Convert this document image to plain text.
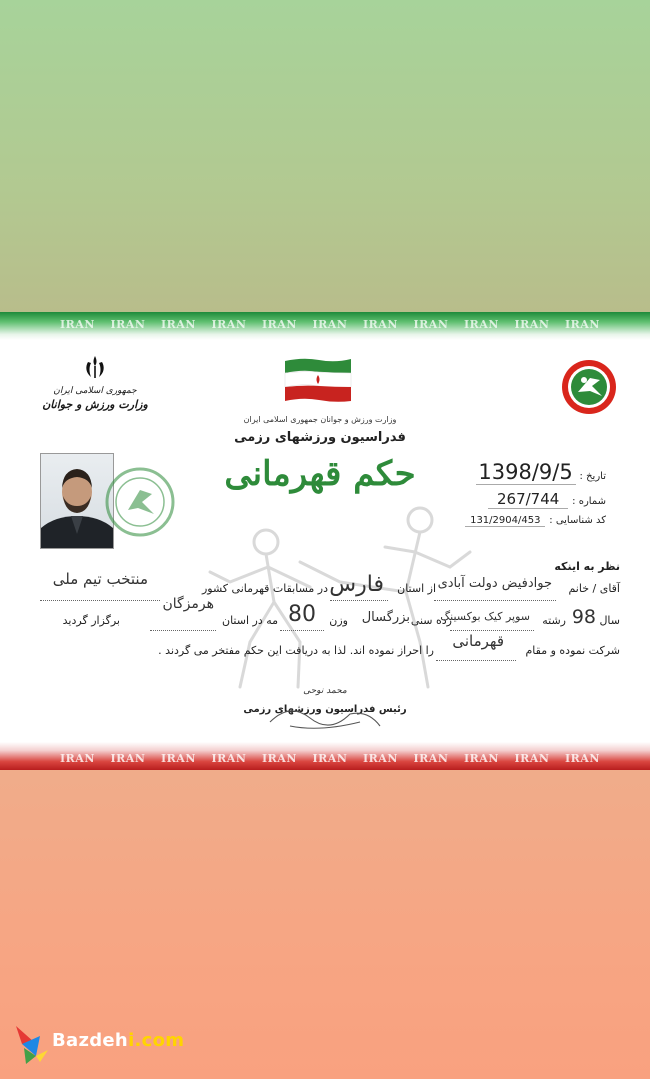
IRAN IRAN IRAN IRAN IRAN IRAN IRAN IRAN IRAN IRAN IRAN
جمهوری اسلامی ایران
وزارت ورزش و جوانان
وزارت ورزش و جوانان جمهوری اسلامی ایران
فدراسیون ورزشهای رزمی
حکم قهرمانی	تاریخ :1398/9/5
شماره :267/744
کد شناسایی :131/2904/453
نظر به اینکه
آقای / خانم
جوادفیض دولت آبادی
از استان
فارس
در مسابقات قهرمانی کشور
منتخب تیم ملی
سال
98
رشته
سوپر کیک بوکسینگ
رده سنی
بزرگسال
وزن
80
مه در استان
هرمزگان
برگزار گردید
شرکت نموده و مقام
قهرمانی
را احراز نموده اند. لذا به دریافت این حکم مفتخر می گردند .
محمد نوحی
رئیس فدراسیون ورزشهای رزمی
IRAN IRAN IRAN IRAN IRAN IRAN IRAN IRAN IRAN IRAN IRAN
Bazdehi.com
